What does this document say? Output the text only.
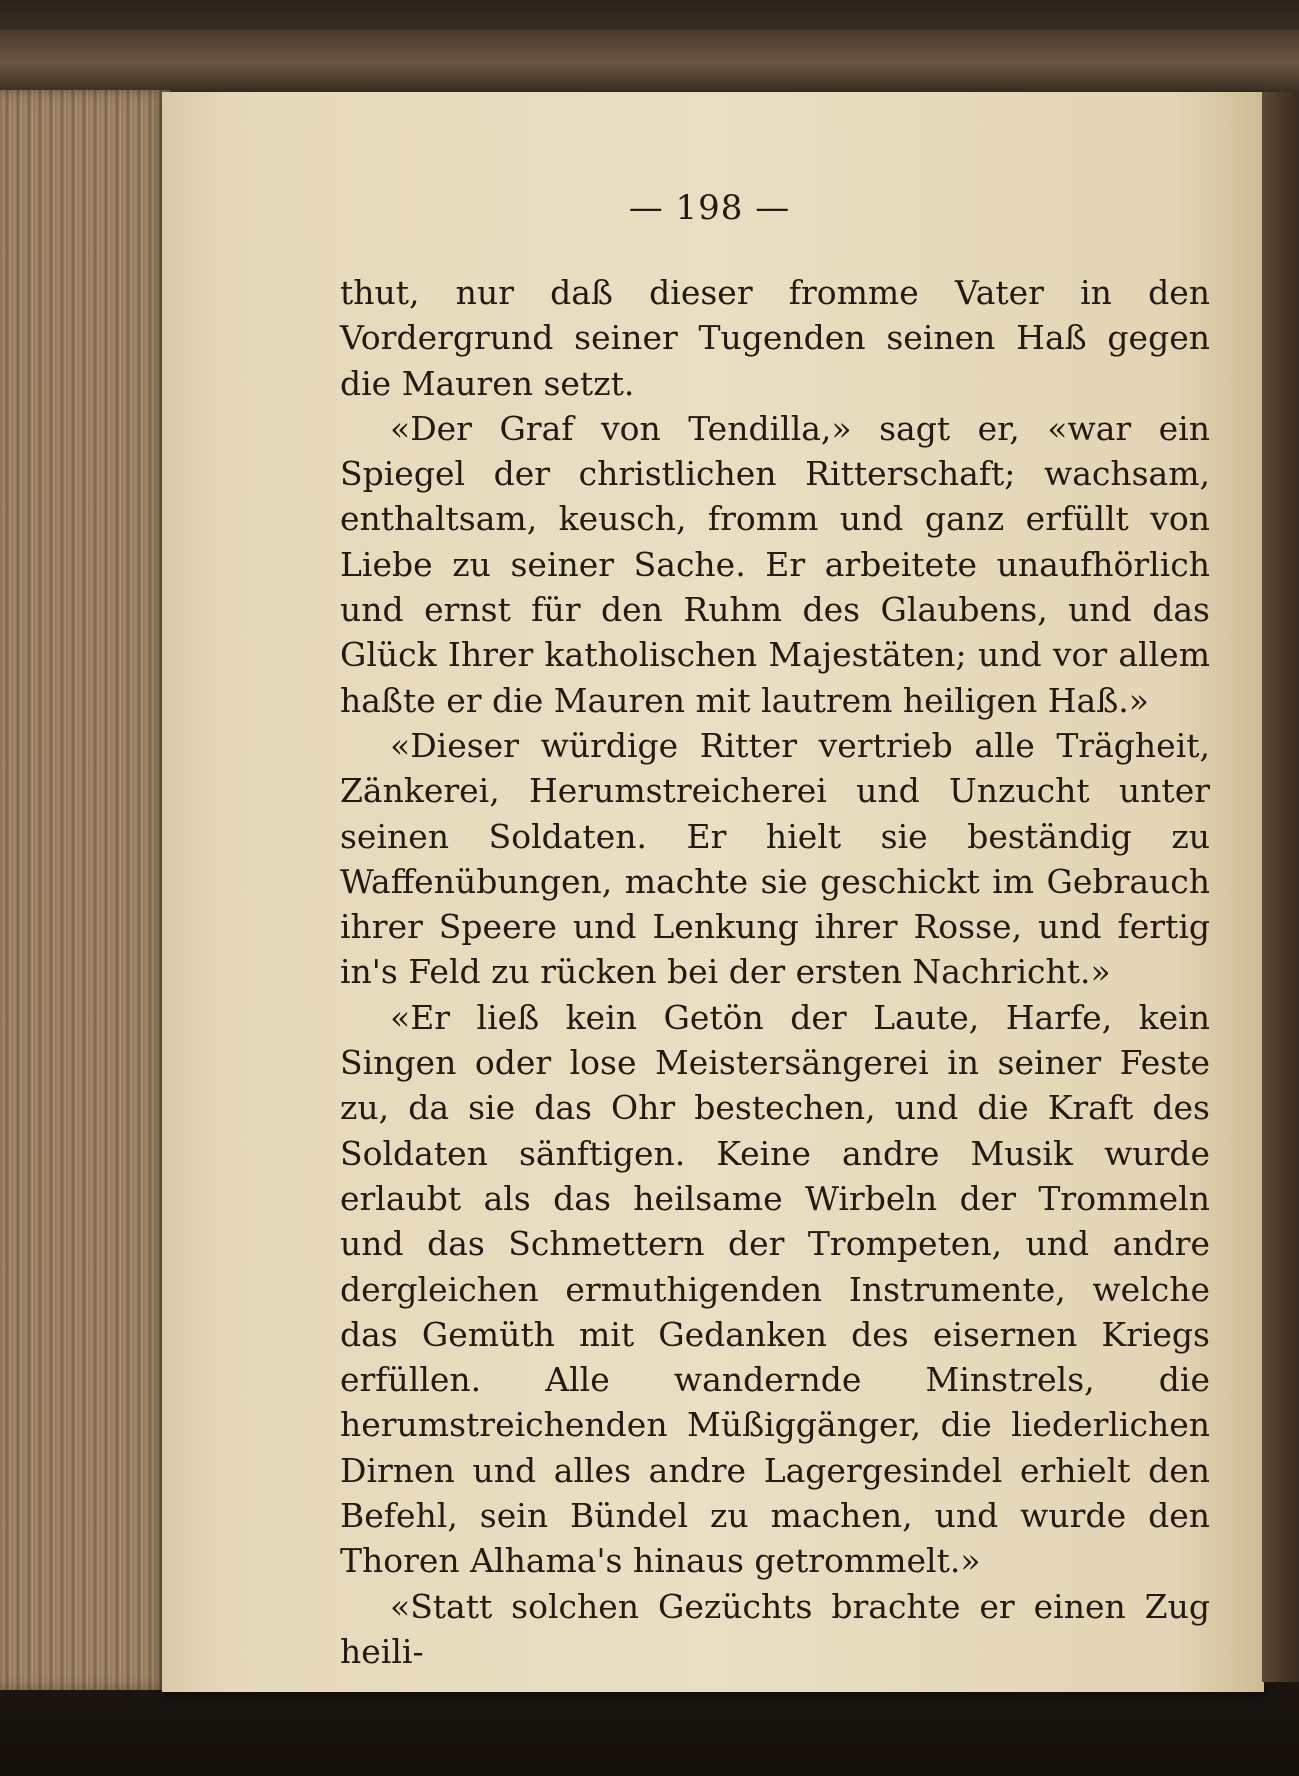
— 198 —

thut, nur daß dieser fromme Vater in den Vordergrund seiner Tugenden seinen Haß gegen die Mauren setzt.

«Der Graf von Tendilla,» sagt er, «war ein Spiegel der christlichen Ritterschaft; wachsam, enthaltsam, keusch, fromm und ganz erfüllt von Liebe zu seiner Sache. Er arbeitete unaufhörlich und ernst für den Ruhm des Glaubens, und das Glück Ihrer katholischen Majestäten; und vor allem haßte er die Mauren mit lautrem heiligen Haß.»

«Dieser würdige Ritter vertrieb alle Trägheit, Zänkerei, Herumstreicherei und Unzucht unter seinen Soldaten. Er hielt sie beständig zu Waffenübungen, machte sie geschickt im Gebrauch ihrer Speere und Lenkung ihrer Rosse, und fertig in's Feld zu rücken bei der ersten Nachricht.»

«Er ließ kein Getön der Laute, Harfe, kein Singen oder lose Meistersängerei in seiner Feste zu, da sie das Ohr bestechen, und die Kraft des Soldaten sänftigen. Keine andre Musik wurde erlaubt als das heilsame Wirbeln der Trommeln und das Schmettern der Trompeten, und andre dergleichen ermuthigenden Instrumente, welche das Gemüth mit Gedanken des eisernen Kriegs erfüllen. Alle wandernde Minstrels, die herumstreichenden Müßiggänger, die liederlichen Dirnen und alles andre Lagergesindel erhielt den Befehl, sein Bündel zu machen, und wurde den Thoren Alhama's hinaus getrommelt.»

«Statt solchen Gezüchts brachte er einen Zug heili-
